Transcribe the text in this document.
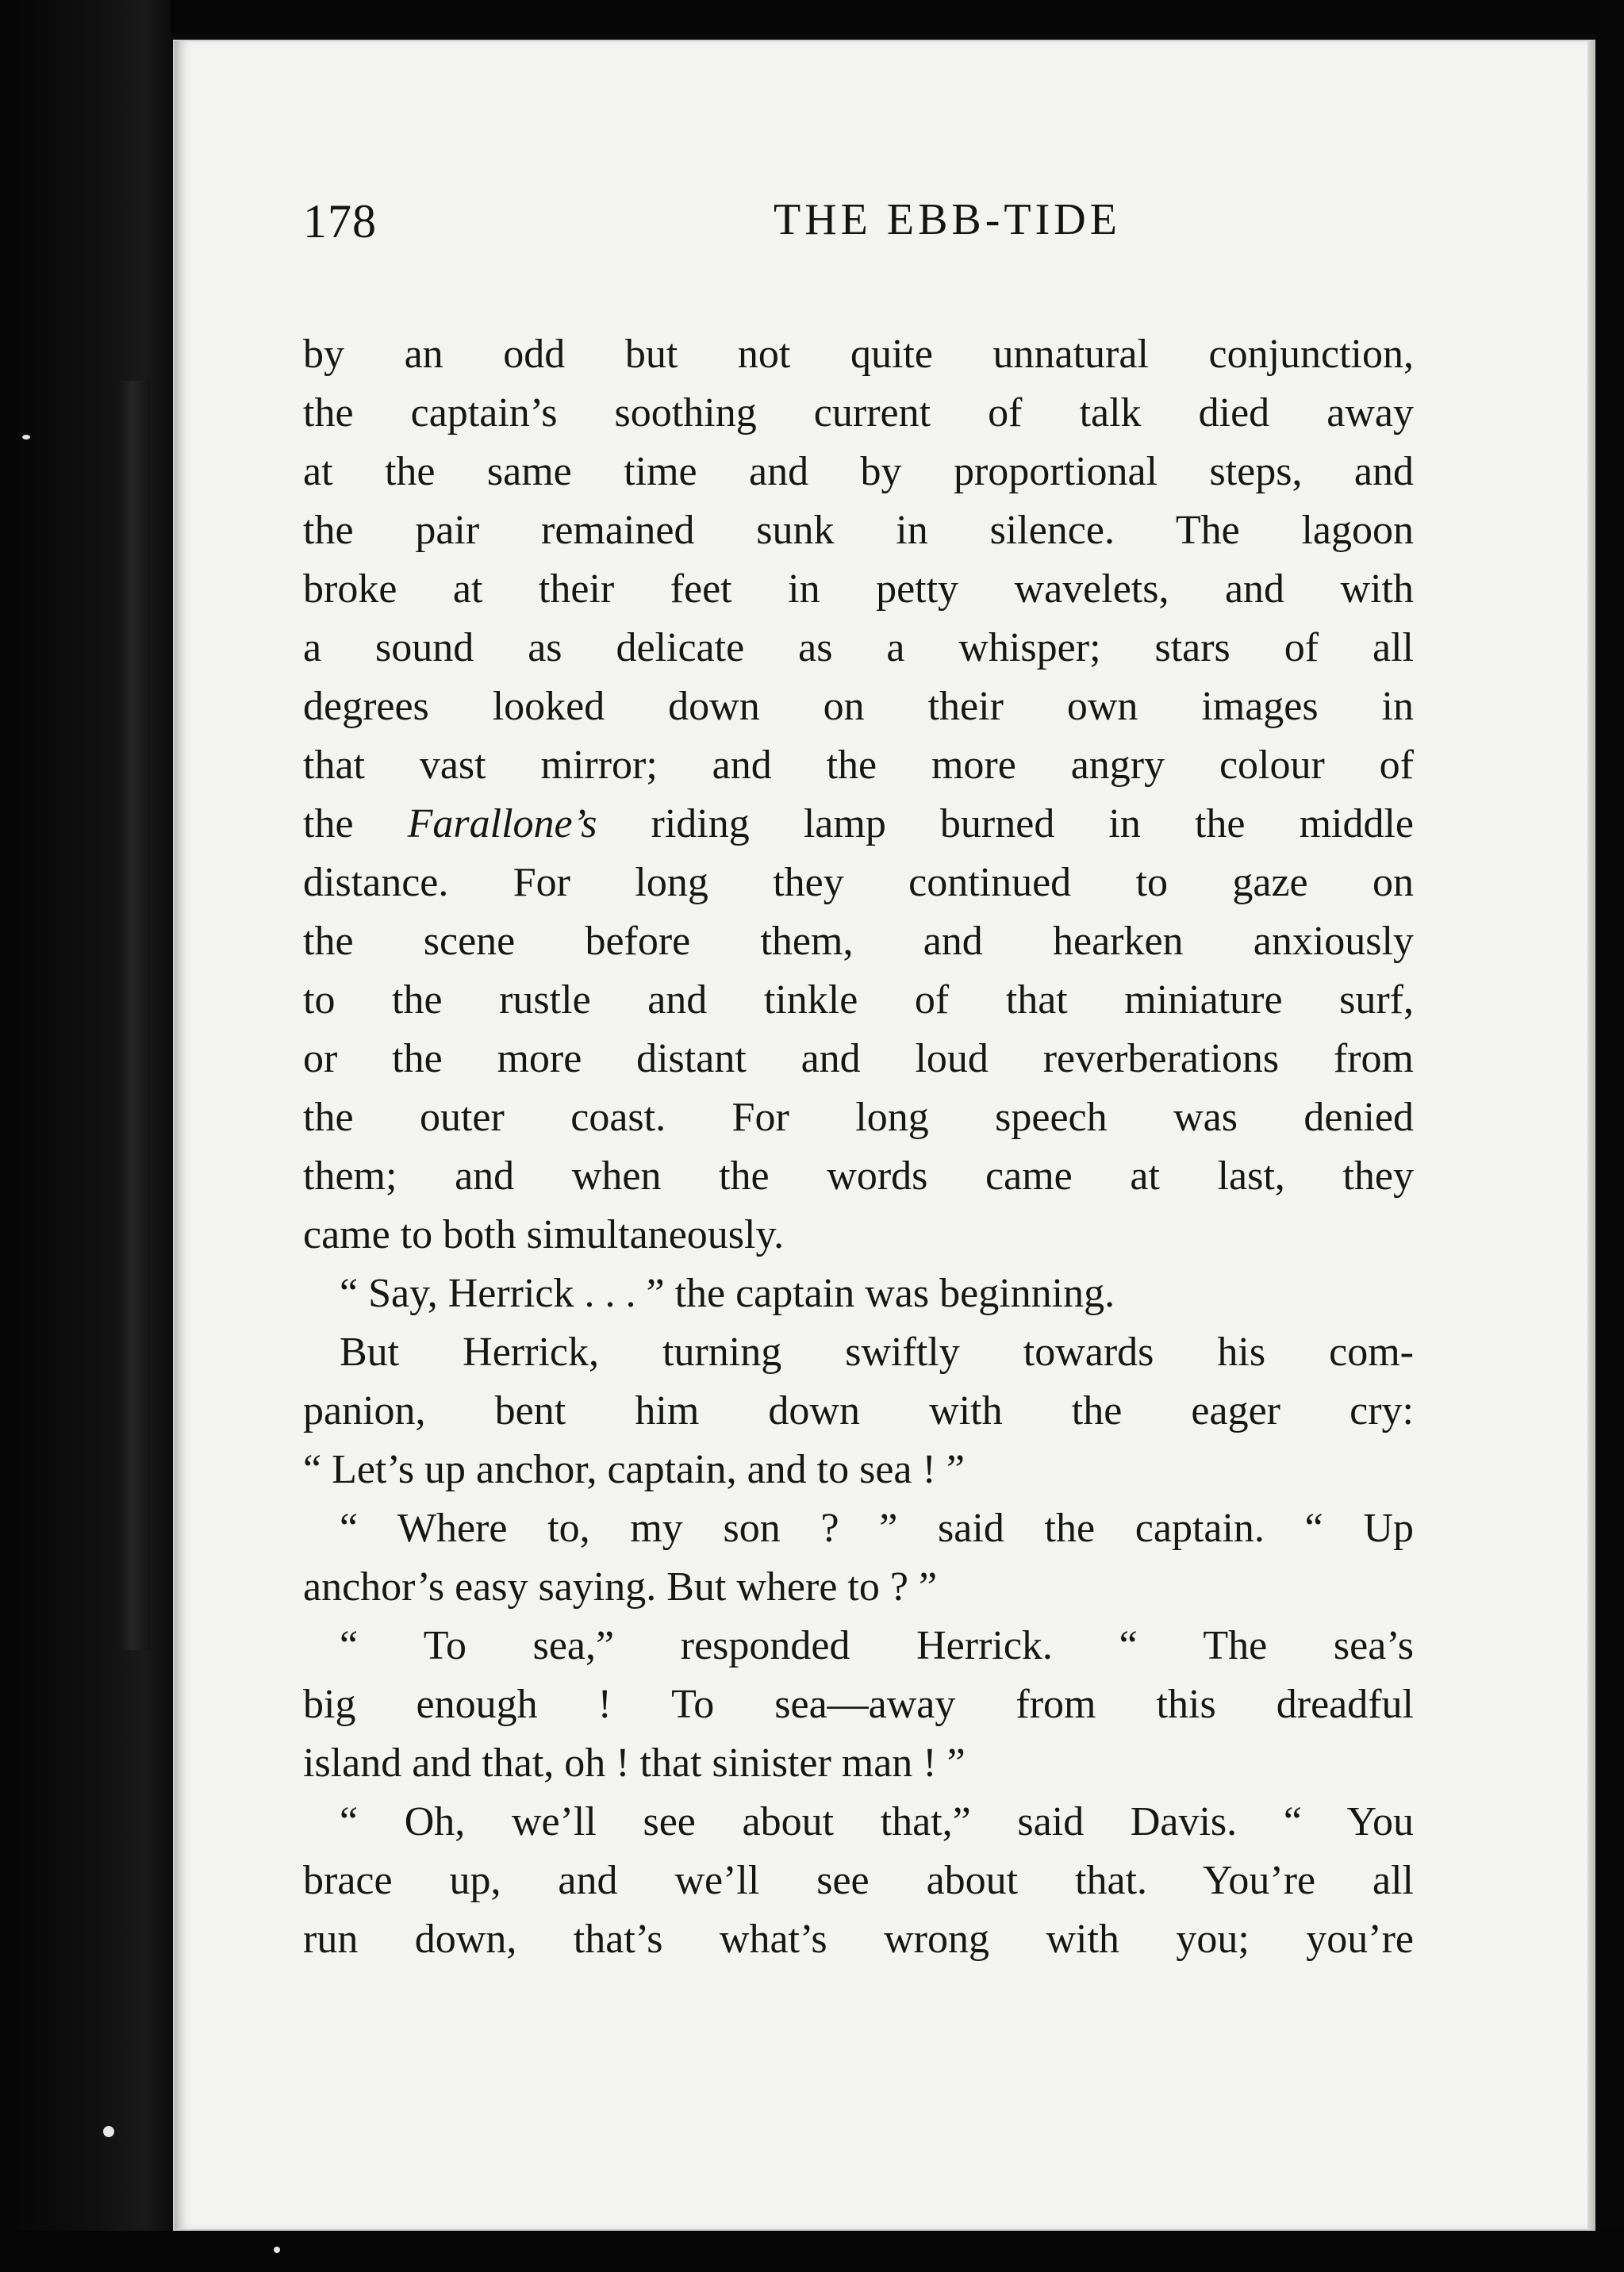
178	THE EBB-TIDE
by an odd but not quite unnatural conjunction,
the captain’s soothing current of talk died away
at the same time and by proportional steps, and
the pair remained sunk in silence. The lagoon
broke at their feet in petty wavelets, and with
a sound as delicate as a whisper; stars of all
degrees looked down on their own images in
that vast mirror; and the more angry colour of
the Farallone’s riding lamp burned in the middle
distance. For long they continued to gaze on
the scene before them, and hearken anxiously
to the rustle and tinkle of that miniature surf,
or the more distant and loud reverberations from
the outer coast. For long speech was denied
them; and when the words came at last, they
came to both simultaneously.
“ Say, Herrick . . . ” the captain was beginning.
But Herrick, turning swiftly towards his com-
panion, bent him down with the eager cry:
“ Let’s up anchor, captain, and to sea ! ”
“ Where to, my son ? ” said the captain. “ Up
anchor’s easy saying. But where to ? ”
“ To sea,” responded Herrick. “ The sea’s
big enough ! To sea—away from this dreadful
island and that, oh ! that sinister man ! ”
“ Oh, we’ll see about that,” said Davis. “ You
brace up, and we’ll see about that. You’re all
run down, that’s what’s wrong with you; you’re
